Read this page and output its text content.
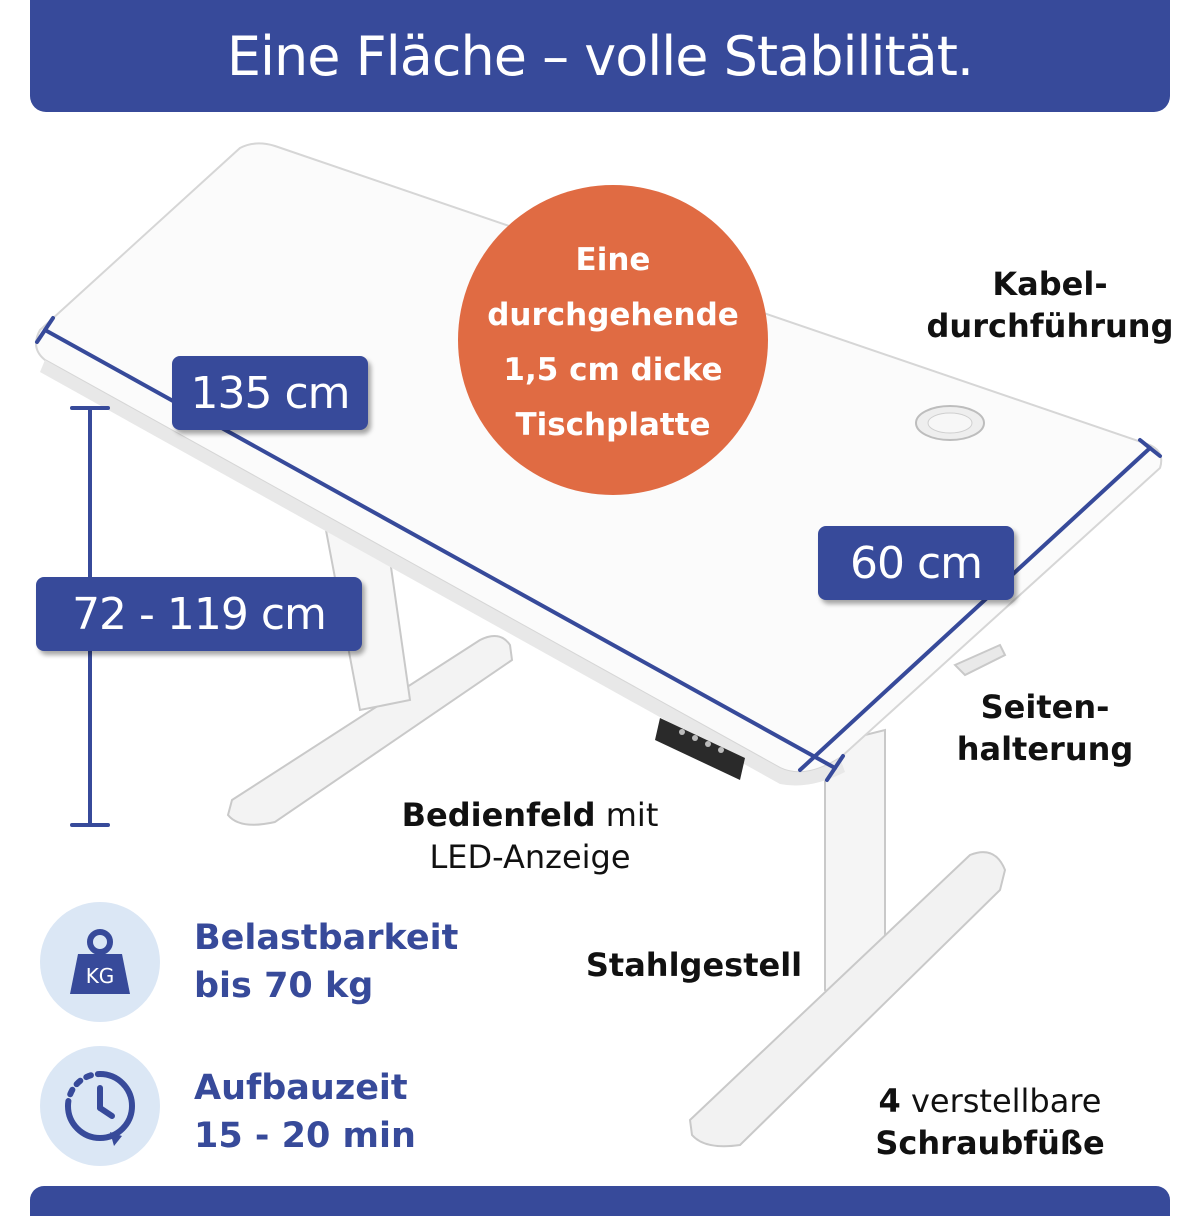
Eine Fläche – volle Stabilität.
135 cm
60 cm
72 - 119 cm
Eine
durchgehende
1,5 cm dicke
Tischplatte
Kabel-
durchführung
Seiten-
halterung

Bedienfeld mit
LED-Anzeige

Stahlgestell

4 verstellbare
Schraubfüße

KG
Belastbarkeit
bis 70 kg
Aufbauzeit
15 - 20 min
